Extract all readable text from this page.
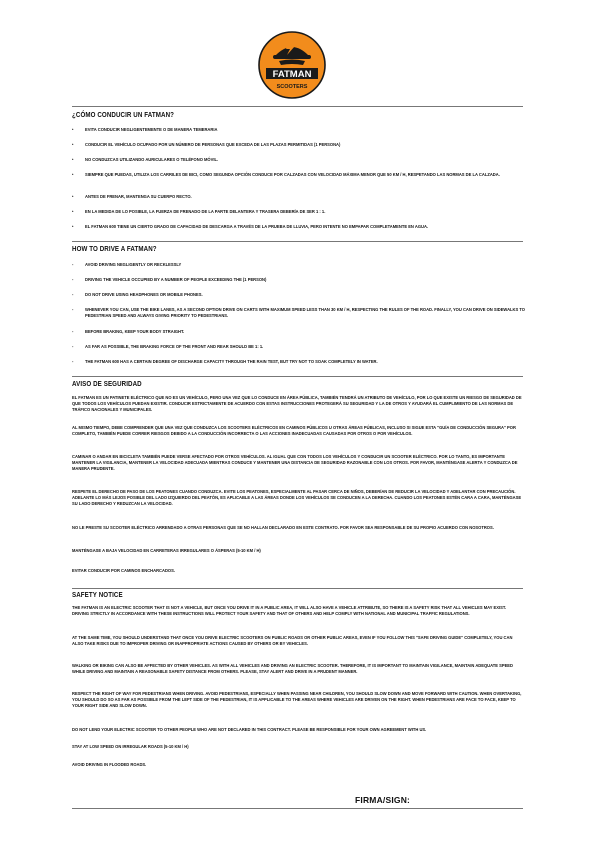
FATMAN
SCOOTERS
¿CÓMO CONDUCIR UN FATMAN?
•	EVITA CONDUCIR NEGLIGENTEMENTE O DE MANERA TEMERARIA
•	CONDUCIR EL VEHÍCULO OCUPADO POR UN NÚMERO DE PERSONAS QUE EXCEDA DE LAS PLAZAS PERMITIDAS (1 PERSONA)
•	NO CONDUZCAS UTILIZANDO AURICULARES O TELÉFONO MÓVIL.
•	SIEMPRE QUE PUEDAS, UTILIZA LOS CARRILES DE BICI, COMO SEGUNDA OPCIÓN CONDUCE POR CALZADAS CON VELOCIDAD MÁXIMA MENOR QUE 50 KM / H, RESPETANDO LAS NORMAS DE LA CALZADA.
•	ANTES DE FRENAR, MANTENGA SU CUERPO RECTO.
•	EN LA MEDIDA DE LO POSIBLE, LA FUERZA DE FRENADO DE LA PARTE DELANTERA Y TRASERA DEBERÍA DE SER 1 : 1.
•	EL FATMAN 600 TIENE UN CIERTO GRADO DE CAPACIDAD DE DESCARGA A TRAVÉS DE LA PRUEBA DE LLUVIA, PERO INTENTE NO EMPAPAR COMPLETAMENTE EN AGUA.
HOW TO DRIVE A FATMAN?
-	AVOID DRIVING NEGLIGENTLY OR RECKLESSLY
-	DRIVING THE VEHICLE OCCUPIED BY A NUMBER OF PEOPLE EXCEEDING THE (1 PERSON)
-	DO NOT DRIVE USING HEADPHONES OR MOBILE PHONES.
-	WHENEVER YOU CAN, USE THE BIKE LANES, AS A SECOND OPTION DRIVE ON CARTS WITH MAXIMUM SPEED LESS THAN 30 KM / H, RESPECTING THE RULES OF THE ROAD. FINALLY, YOU CAN DRIVE ON SIDEWALKS TO PEDESTRIAN SPEED AND ALWAYS GIVING PRIORITY TO PEDESTRIANS.
-	BEFORE BRAKING, KEEP YOUR BODY STRAIGHT.
-	AS FAR AS POSSIBLE, THE BRAKING FORCE OF THE FRONT AND REAR SHOULD BE 1: 1.
-	THE FATMAN 600 HAS A CERTAIN DEGREE OF DISCHARGE CAPACITY THROUGH THE RAIN TEST, BUT TRY NOT TO SOAK COMPLETELY IN WATER.
AVISO DE SEGURIDAD

EL FATMAN ES UN PATINETE ELÉCTRICO QUE NO ES UN VEHÍCULO, PERO UNA VEZ QUE LO CONDUCE EN ÁREA PÚBLICA, TAMBIÉN TENDRÁ UN ATRIBUTO DE VEHÍCULO, POR LO QUE EXISTE UN RIESGO DE SEGURIDAD DE QUE TODOS LOS VEHÍCULOS PUEDAN EXISTIR. CONDUCIR ESTRICTAMENTE DE ACUERDO CON ESTAS INSTRUCCIONES PROTEGERÁ SU SEGURIDAD Y LA DE OTROS Y AYUDARÁ EL CUMPLIMIENTO DE LAS NORMAS DE TRÁFICO NACIONALES Y MUNICIPALES.

AL MISMO TIEMPO, DEBE COMPRENDER QUE UNA VEZ QUE CONDUZCA LOS SCOOTERS ELÉCTRICOS EN CAMINOS PÚBLICOS U OTRAS ÁREAS PÚBLICAS, INCLUSO SI SIGUE ESTA "GUÍA DE CONDUCCIÓN SEGURA" POR COMPLETO, TAMBIÉN PUEDE CORRER RIESGOS DEBIDO A LA CONDUCCIÓN INCORRECTA O LAS ACCIONES INADECUADAS CAUSADAS POR OTROS O POR VEHÍCULOS.

CAMINAR O ANDAR EN BICICLETA TAMBIÉN PUEDE VERSE AFECTADO POR OTROS VEHÍCULOS. AL IGUAL QUE CON TODOS LOS VEHÍCULOS Y CONDUCIR UN SCOOTER ELÉCTRICO. POR LO TANTO, ES IMPORTANTE MANTENER LA VIGILANCIA, MANTENER LA VELOCIDAD ADECUADA MIENTRAS CONDUCE Y MANTENER UNA DISTANCIA DE SEGURIDAD RAZONABLE CON LOS OTROS. POR FAVOR, MANTÉNGASE ALERTA Y CONDUZCA DE MANERA PRUDENTE.

RESPETE EL DERECHO DE PASO DE LOS PEATONES CUANDO CONDUZCA. EVITE LOS PEATONES, ESPECIALMENTE AL PASAR CERCA DE NIÑOS, DEBERÍAN DE REDUCIR LA VELOCIDAD Y ADELANTAR CON PRECAUCIÓN. ADELANTE LO MÁS LEJOS POSIBLE DEL LADO IZQUIERDO DEL PEATÓN, ES APLICABLE A LAS ÁREAS DONDE LOS VEHÍCULOS SE CONDUCEN A LA DERECHA. CUANDO LOS PEATONES ESTÉN CARA A CARA, MANTÉNGASE SU LADO DERECHO Y REDUZCAN LA VELOCIDAD.

NO LE PRESTE SU SCOOTER ELÉCTRICO ARRENDADO A OTRAS PERSONAS QUE SE NO HALLAN DECLARADO EN ESTE CONTRATO. POR FAVOR SEA RESPONSABLE DE SU PROPIO ACUERDO CON NOSOTROS.

MANTÉNGASE A BAJA VELOCIDAD EN CARRETERAS IRREGULARES O ÁSPERAS (5-10 KM / H)

EVITAR CONDUCIR POR CAMINOS ENCHARCADOS.

SAFETY NOTICE

THE FATMAN IS AN ELECTRIC SCOOTER THAT IS NOT A VEHICLE, BUT ONCE YOU DRIVE IT IN A PUBLIC AREA, IT WILL ALSO HAVE A VEHICLE ATTRIBUTE, SO THERE IS A SAFETY RISK THAT ALL VEHICLES MAY EXIST. DRIVING STRICTLY IN ACCORDANCE WITH THESE INSTRUCTIONS WILL PROTECT YOUR SAFETY AND THAT OF OTHERS AND HELP COMPLY WITH NATIONAL AND MUNICIPAL TRAFFIC REGULATIONS.

AT THE SAME TIME, YOU SHOULD UNDERSTAND THAT ONCE YOU DRIVE ELECTRIC SCOOTERS ON PUBLIC ROADS OR OTHER PUBLIC AREAS, EVEN IF YOU FOLLOW THIS "SAFE DRIVING GUIDE" COMPLETELY, YOU CAN ALSO TAKE RISKS DUE TO IMPROPER DRIVING OR INAPPROPRIATE ACTIONS CAUSED BY OTHERS OR BY VEHICLES.

WALKING OR BIKING CAN ALSO BE AFFECTED BY OTHER VEHICLES. AS WITH ALL VEHICLES AND DRIVING AN ELECTRIC SCOOTER. THEREFORE, IT IS IMPORTANT TO MAINTAIN VIGILANCE, MAINTAIN ADEQUATE SPEED WHILE DRIVING AND MAINTAIN A REASONABLE SAFETY DISTANCE FROM OTHERS. PLEASE, STAY ALERT AND DRIVE IN A PRUDENT MANNER.

RESPECT THE RIGHT OF WAY FOR PEDESTRIANS WHEN DRIVING. AVOID PEDESTRIANS, ESPECIALLY WHEN PASSING NEAR CHILDREN, YOU SHOULD SLOW DOWN AND MOVE FORWARD WITH CAUTION. WHEN OVERTAKING, YOU SHOULD DO SO AS FAR AS POSSIBLE FROM THE LEFT SIDE OF THE PEDESTRIAN, IT IS APPLICABLE TO THE AREAS WHERE VEHICLES ARE DRIVEN ON THE RIGHT. WHEN PEDESTRIANS ARE FACE TO FACE, KEEP TO YOUR RIGHT SIDE AND SLOW DOWN.

DO NOT LEND YOUR ELECTRIC SCOOTER TO OTHER PEOPLE WHO ARE NOT DECLARED IN THIS CONTRACT. PLEASE BE RESPONSIBLE FOR YOUR OWN AGREEMENT WITH US.

STAY AT LOW SPEED ON IRREGULAR ROADS (5-10 KM / H)

AVOID DRIVING IN FLOODED ROADS.

FIRMA/SIGN:
